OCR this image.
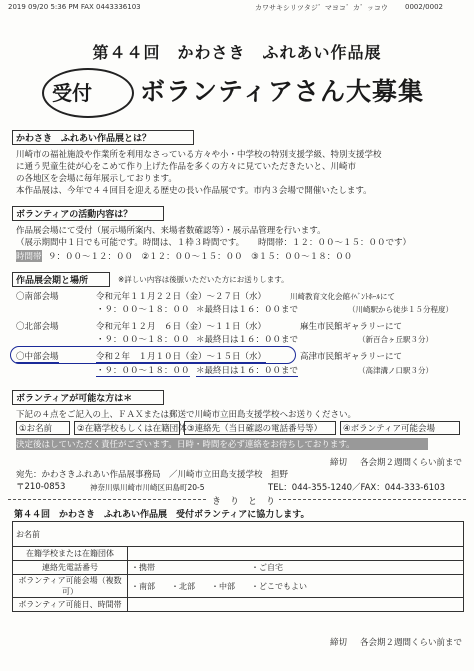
2019 09/20 5:36 PM FAX 0443336103	カワサキシリツタジ゛マヨコ゛カ゛ッコウ 0002/0002
第４４回　かわさき　ふれあい作品展
受付 ボランティアさん大募集
かわさき　ふれあい作品展とは？
川崎市の福祉施設や作業所を利用なさっている方々や小・中学校の特別支援学級、特別支援学校
に通う児童生徒が心をこめて作り上げた作品を多くの方々に見ていただきたいと、川崎市
の各地区を会場に毎年展示しております。
本作品展は、今年で４４回目を迎える歴史の長い作品展です。市内３会場で開催いたします。
ボランティアの活動内容は？
作品展会場にて受付（展示場所案内、来場者数確認等）・展示品管理を行います。
（展示期間中１日でも可能です。時間は、１枠３時間です。 時間帯：１２：００〜１５：００です）
時間帯 ９：００〜１２：００　②１２：００〜１５：００　③１５：００〜１８：００
作品展会期と場所	※詳しい内容は後脈いただいた方にお送りします。
〇南部会場	令和元年１１月２２日（金）〜２７日（水）	川崎教育文化会館ｲﾍﾞﾝﾄﾎｰﾙにて
・９：００〜１８：００ ＊最終日は１６：００まで	（川崎駅から徒歩１５分程度）
〇北部会場	令和元年１２月　６日（金）〜１１日（水）	麻生市民館ギャラリーにて
・９：００〜１８：００ ＊最終日は１６：００まで	（新百合ヶ丘駅３分）
〇中部会場	令和２年　１月１０日（金）〜１５日（水）	高津市民館ギャラリーにて
・９：００〜１８：００ ＊最終日は１６：００まで	（高津溝ノ口駅３分）
ボランティアが可能な方は＊
下記の４点をご記入の上、ＦＡＸまたは郵送で川崎市立田島支援学校へお送りください。
①お名前	②在籍学校もしくは在籍団体 ③連絡先（当日確認の電話番号等） ④ボランティア可能会場
決定後はしていただく責任がございます。日時・時間を必ず連絡をお待ちしております。
締切 各会期２週間くらい前まで
宛先：かわさきふれあい作品展事務局　／川崎市立田島支援学校　担野
〒210-0853	神奈川県川崎市川崎区田島町20-5	TEL：044-355-1240／FAX：044-333-6103
き　り　と　り
第４４回　かわさき　ふれあい作品展　受付ボランティアに協力します。
お名前	
在籍学校または在籍団体	
連絡先電話番号	・携帯　　　　　　　　　　　　・ご自宅
ボランティア可能会場（複数可）	・南部　　・北部　　・中部　　・どこでもよい
ボランティア可能日、時間帯	
締切 各会期２週間くらい前まで
